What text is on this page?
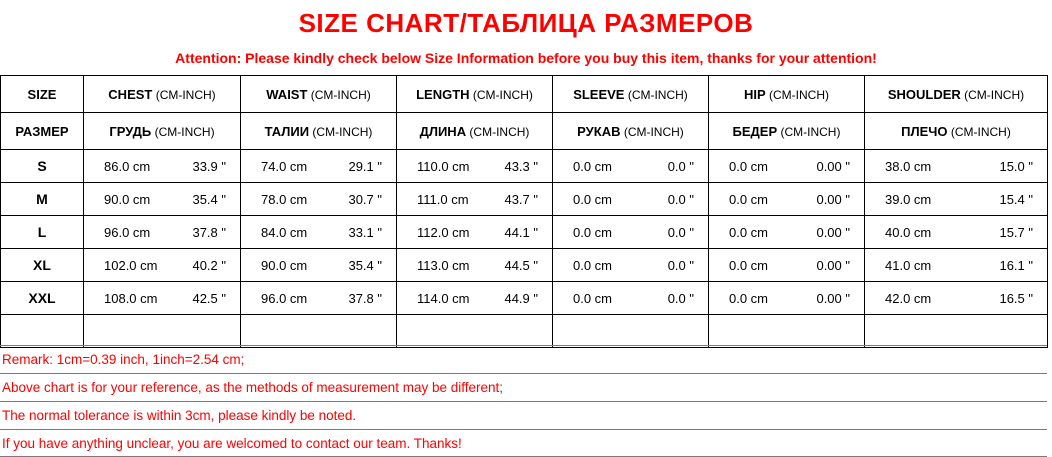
SIZE CHART/ТАБЛИЦА РАЗМЕРОВ
Attention: Please kindly check below Size Information before you buy this item, thanks for your attention!
SIZE	CHEST (CM-INCH)	WAIST (CM-INCH)	LENGTH (CM-INCH)	SLEEVE (CM-INCH)	HIP (CM-INCH)	SHOULDER (CM-INCH)
РАЗМЕР	ГРУДЬ (CM-INCH)	ТАЛИИ (CM-INCH)	ДЛИНА (CM-INCH)	РУКАВ (CM-INCH)	БЕДЕР (CM-INCH)	ПЛЕЧО (CM-INCH)
S	86.0 cm 33.9 "	74.0 cm 29.1 "	110.0 cm 43.3 "	0.0 cm 0.0 "	0.0 cm 0.00 "	38.0 cm 15.0 "

M	90.0 cm 35.4 "	78.0 cm 30.7 "	111.0 cm 43.7 "	0.0 cm 0.0 "	0.0 cm 0.00 "	39.0 cm 15.4 "

L	96.0 cm 37.8 "	84.0 cm 33.1 "	112.0 cm 44.1 "	0.0 cm 0.0 "	0.0 cm 0.00 "	40.0 cm 15.7 "

XL	102.0 cm 40.2 "	90.0 cm 35.4 "	113.0 cm 44.5 "	0.0 cm 0.0 "	0.0 cm 0.00 "	41.0 cm 16.1 "

XXL	108.0 cm 42.5 "	96.0 cm 37.8 "	114.0 cm 44.9 "	0.0 cm 0.0 "	0.0 cm 0.00 "	42.0 cm 16.5 "

Remark: 1cm=0.39 inch, 1inch=2.54 cm;
Above chart is for your reference, as the methods of measurement may be different;
The normal tolerance is within 3cm, please kindly be noted.
If you have anything unclear, you are welcomed to contact our team. Thanks!
